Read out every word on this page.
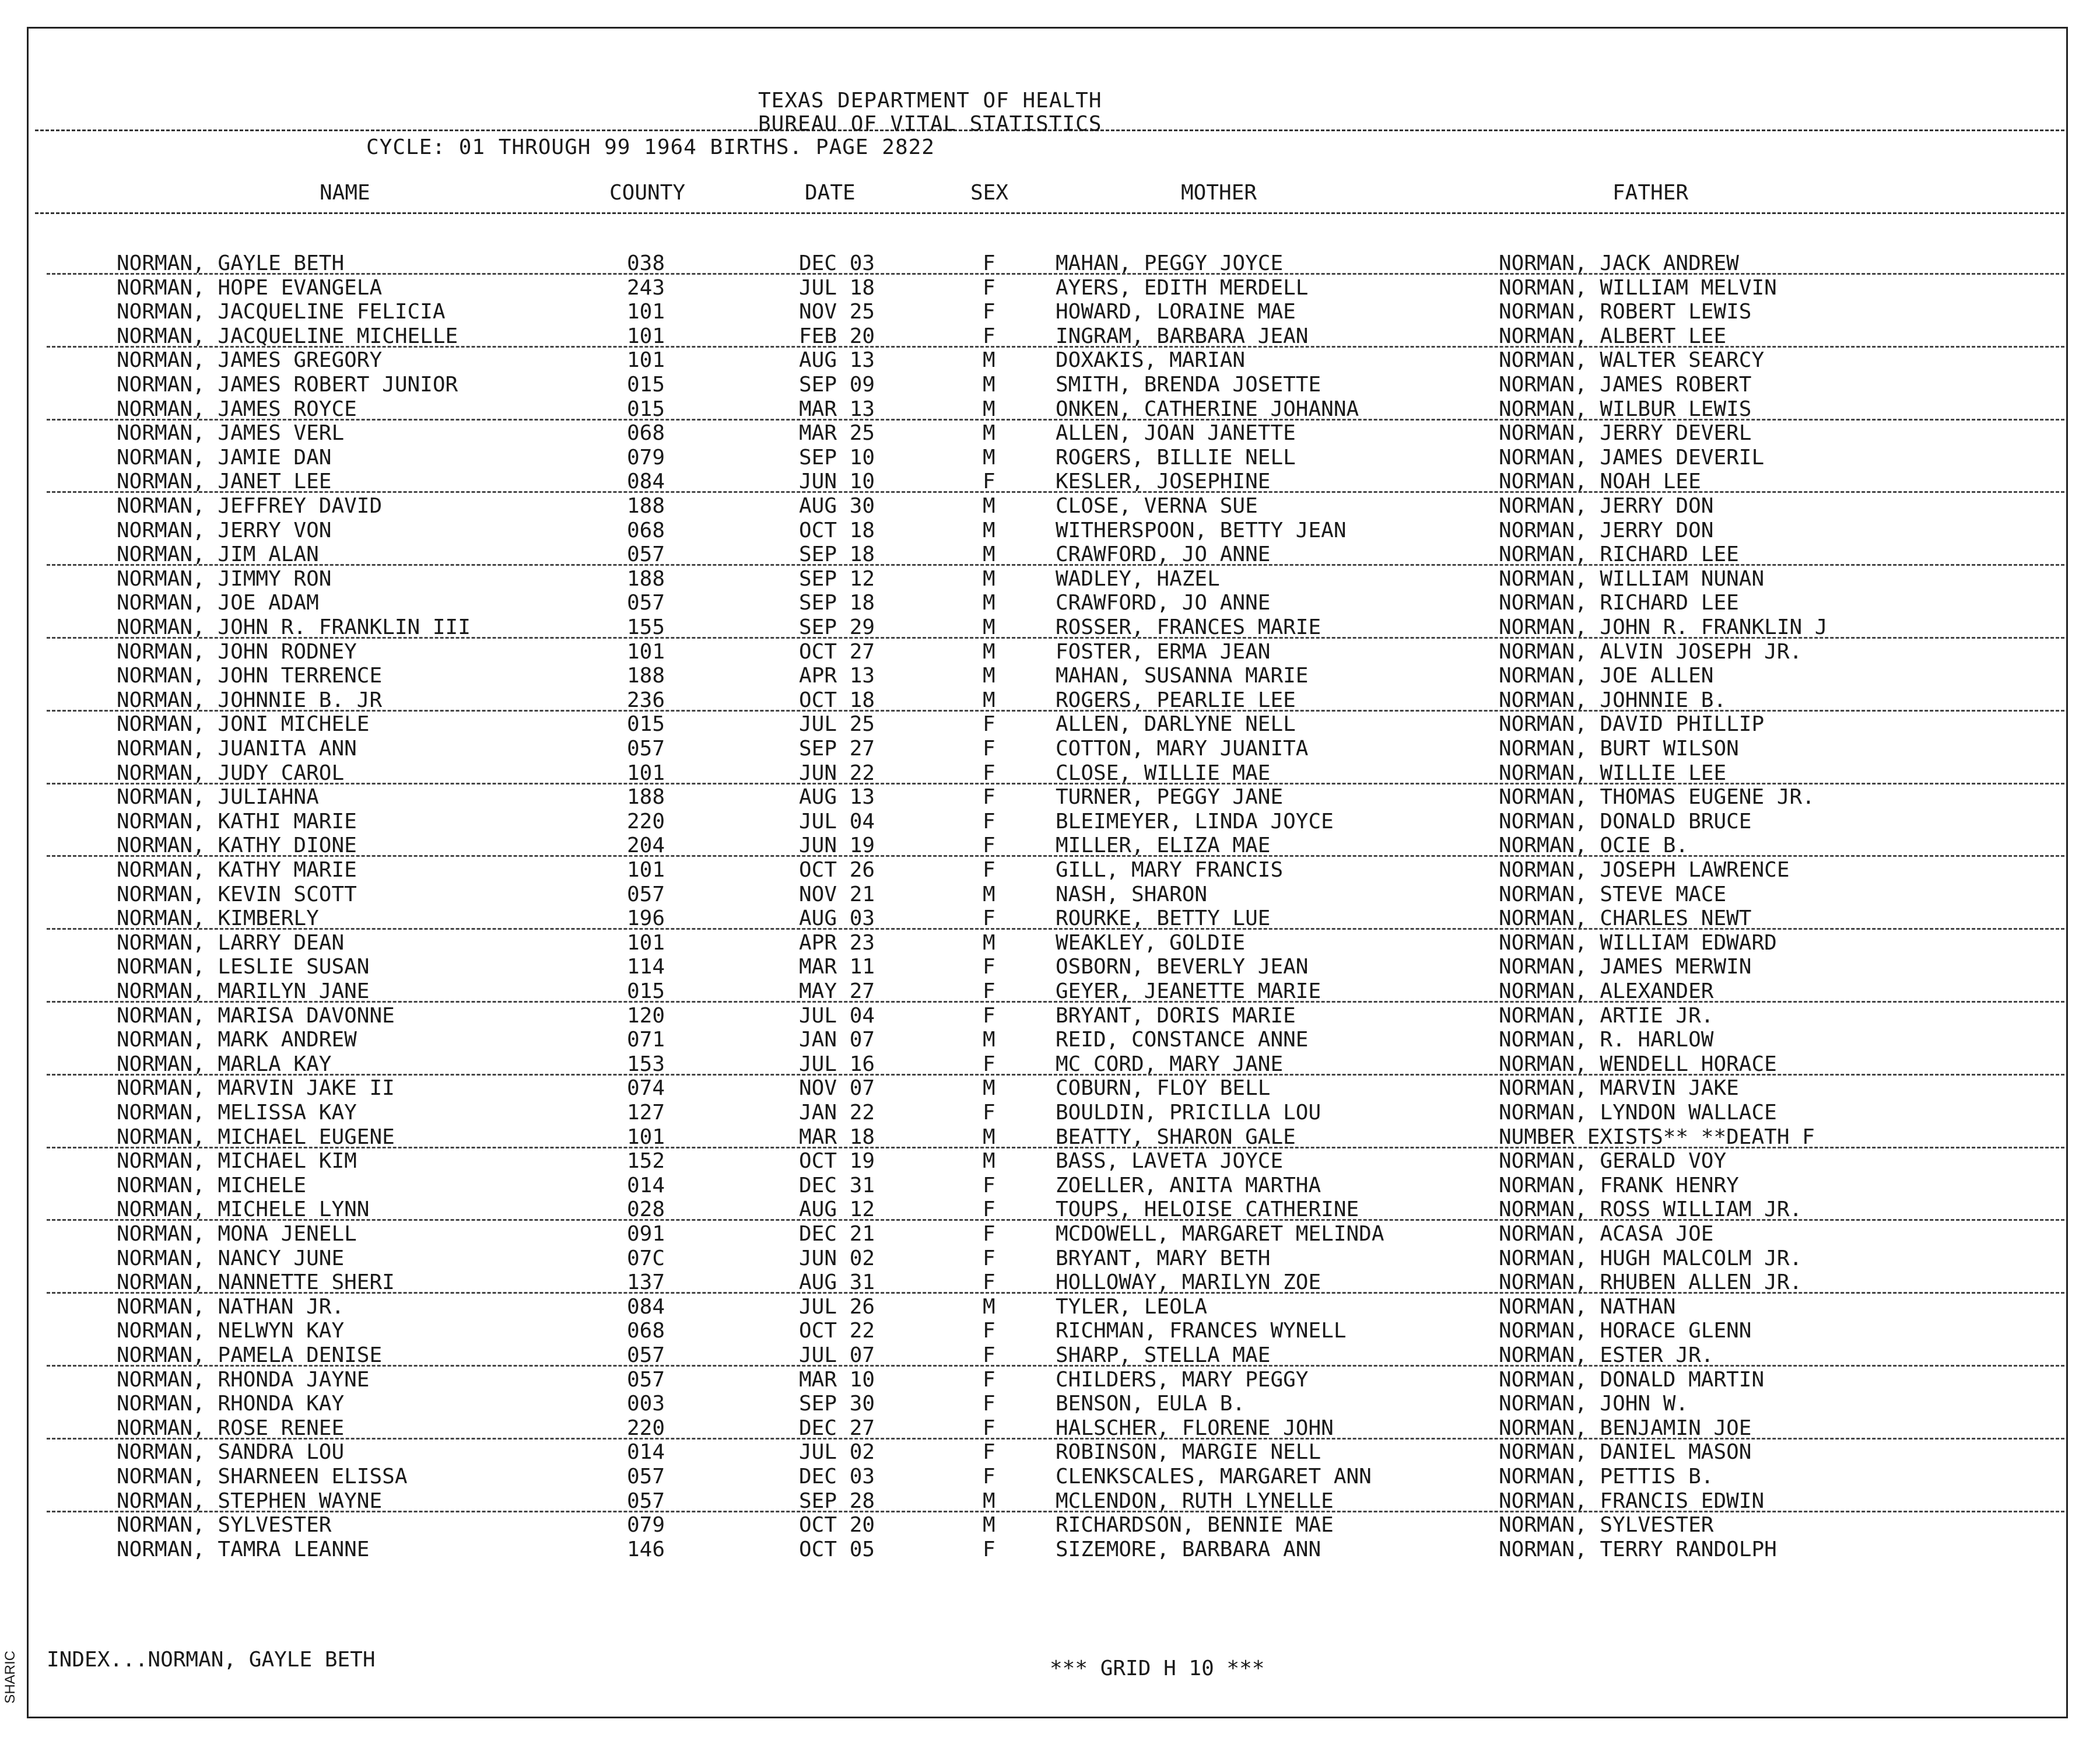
TEXAS DEPARTMENT OF HEALTH
BUREAU OF VITAL STATISTICS
CYCLE: 01 THROUGH 99 1964 BIRTHS. PAGE 2822
NAME	COUNTY	DATE	SEX	MOTHER	FATHER
NORMAN, GAYLE BETH	038	DEC 03	F	MAHAN, PEGGY JOYCE	NORMAN, JACK ANDREW
NORMAN, HOPE EVANGELA	243	JUL 18	F	AYERS, EDITH MERDELL	NORMAN, WILLIAM MELVIN
NORMAN, JACQUELINE FELICIA	101	NOV 25	F	HOWARD, LORAINE MAE	NORMAN, ROBERT LEWIS
NORMAN, JACQUELINE MICHELLE	101	FEB 20	F	INGRAM, BARBARA JEAN	NORMAN, ALBERT LEE
NORMAN, JAMES GREGORY	101	AUG 13	M	DOXAKIS, MARIAN	NORMAN, WALTER SEARCY
NORMAN, JAMES ROBERT JUNIOR	015	SEP 09	M	SMITH, BRENDA JOSETTE	NORMAN, JAMES ROBERT
NORMAN, JAMES ROYCE	015	MAR 13	M	ONKEN, CATHERINE JOHANNA	NORMAN, WILBUR LEWIS
NORMAN, JAMES VERL	068	MAR 25	M	ALLEN, JOAN JANETTE	NORMAN, JERRY DEVERL
NORMAN, JAMIE DAN	079	SEP 10	M	ROGERS, BILLIE NELL	NORMAN, JAMES DEVERIL
NORMAN, JANET LEE	084	JUN 10	F	KESLER, JOSEPHINE	NORMAN, NOAH LEE
NORMAN, JEFFREY DAVID	188	AUG 30	M	CLOSE, VERNA SUE	NORMAN, JERRY DON
NORMAN, JERRY VON	068	OCT 18	M	WITHERSPOON, BETTY JEAN	NORMAN, JERRY DON
NORMAN, JIM ALAN	057	SEP 18	M	CRAWFORD, JO ANNE	NORMAN, RICHARD LEE
NORMAN, JIMMY RON	188	SEP 12	M	WADLEY, HAZEL	NORMAN, WILLIAM NUNAN
NORMAN, JOE ADAM	057	SEP 18	M	CRAWFORD, JO ANNE	NORMAN, RICHARD LEE
NORMAN, JOHN R. FRANKLIN III	155	SEP 29	M	ROSSER, FRANCES MARIE	NORMAN, JOHN R. FRANKLIN J
NORMAN, JOHN RODNEY	101	OCT 27	M	FOSTER, ERMA JEAN	NORMAN, ALVIN JOSEPH JR.
NORMAN, JOHN TERRENCE	188	APR 13	M	MAHAN, SUSANNA MARIE	NORMAN, JOE ALLEN
NORMAN, JOHNNIE B. JR	236	OCT 18	M	ROGERS, PEARLIE LEE	NORMAN, JOHNNIE B.
NORMAN, JONI MICHELE	015	JUL 25	F	ALLEN, DARLYNE NELL	NORMAN, DAVID PHILLIP
NORMAN, JUANITA ANN	057	SEP 27	F	COTTON, MARY JUANITA	NORMAN, BURT WILSON
NORMAN, JUDY CAROL	101	JUN 22	F	CLOSE, WILLIE MAE	NORMAN, WILLIE LEE
NORMAN, JULIAHNA	188	AUG 13	F	TURNER, PEGGY JANE	NORMAN, THOMAS EUGENE JR.
NORMAN, KATHI MARIE	220	JUL 04	F	BLEIMEYER, LINDA JOYCE	NORMAN, DONALD BRUCE
NORMAN, KATHY DIONE	204	JUN 19	F	MILLER, ELIZA MAE	NORMAN, OCIE B.
NORMAN, KATHY MARIE	101	OCT 26	F	GILL, MARY FRANCIS	NORMAN, JOSEPH LAWRENCE
NORMAN, KEVIN SCOTT	057	NOV 21	M	NASH, SHARON	NORMAN, STEVE MACE
NORMAN, KIMBERLY	196	AUG 03	F	ROURKE, BETTY LUE	NORMAN, CHARLES NEWT
NORMAN, LARRY DEAN	101	APR 23	M	WEAKLEY, GOLDIE	NORMAN, WILLIAM EDWARD
NORMAN, LESLIE SUSAN	114	MAR 11	F	OSBORN, BEVERLY JEAN	NORMAN, JAMES MERWIN
NORMAN, MARILYN JANE	015	MAY 27	F	GEYER, JEANETTE MARIE	NORMAN, ALEXANDER
NORMAN, MARISA DAVONNE	120	JUL 04	F	BRYANT, DORIS MARIE	NORMAN, ARTIE JR.
NORMAN, MARK ANDREW	071	JAN 07	M	REID, CONSTANCE ANNE	NORMAN, R. HARLOW
NORMAN, MARLA KAY	153	JUL 16	F	MC CORD, MARY JANE	NORMAN, WENDELL HORACE
NORMAN, MARVIN JAKE II	074	NOV 07	M	COBURN, FLOY BELL	NORMAN, MARVIN JAKE
NORMAN, MELISSA KAY	127	JAN 22	F	BOULDIN, PRICILLA LOU	NORMAN, LYNDON WALLACE
NORMAN, MICHAEL EUGENE	101	MAR 18	M	BEATTY, SHARON GALE	NUMBER EXISTS** **DEATH F
NORMAN, MICHAEL KIM	152	OCT 19	M	BASS, LAVETA JOYCE	NORMAN, GERALD VOY
NORMAN, MICHELE	014	DEC 31	F	ZOELLER, ANITA MARTHA	NORMAN, FRANK HENRY
NORMAN, MICHELE LYNN	028	AUG 12	F	TOUPS, HELOISE CATHERINE	NORMAN, ROSS WILLIAM JR.
NORMAN, MONA JENELL	091	DEC 21	F	MCDOWELL, MARGARET MELINDA	NORMAN, ACASA JOE
NORMAN, NANCY JUNE	07C	JUN 02	F	BRYANT, MARY BETH	NORMAN, HUGH MALCOLM JR.
NORMAN, NANNETTE SHERI	137	AUG 31	F	HOLLOWAY, MARILYN ZOE	NORMAN, RHUBEN ALLEN JR.
NORMAN, NATHAN JR.	084	JUL 26	M	TYLER, LEOLA	NORMAN, NATHAN
NORMAN, NELWYN KAY	068	OCT 22	F	RICHMAN, FRANCES WYNELL	NORMAN, HORACE GLENN
NORMAN, PAMELA DENISE	057	JUL 07	F	SHARP, STELLA MAE	NORMAN, ESTER JR.
NORMAN, RHONDA JAYNE	057	MAR 10	F	CHILDERS, MARY PEGGY	NORMAN, DONALD MARTIN
NORMAN, RHONDA KAY	003	SEP 30	F	BENSON, EULA B.	NORMAN, JOHN W.
NORMAN, ROSE RENEE	220	DEC 27	F	HALSCHER, FLORENE JOHN	NORMAN, BENJAMIN JOE
NORMAN, SANDRA LOU	014	JUL 02	F	ROBINSON, MARGIE NELL	NORMAN, DANIEL MASON
NORMAN, SHARNEEN ELISSA	057	DEC 03	F	CLENKSCALES, MARGARET ANN	NORMAN, PETTIS B.
NORMAN, STEPHEN WAYNE	057	SEP 28	M	MCLENDON, RUTH LYNELLE	NORMAN, FRANCIS EDWIN
NORMAN, SYLVESTER	079	OCT 20	M	RICHARDSON, BENNIE MAE	NORMAN, SYLVESTER
NORMAN, TAMRA LEANNE	146	OCT 05	F	SIZEMORE, BARBARA ANN	NORMAN, TERRY RANDOLPH
INDEX...NORMAN, GAYLE BETH	*** GRID H 10 ***
SHARIC
